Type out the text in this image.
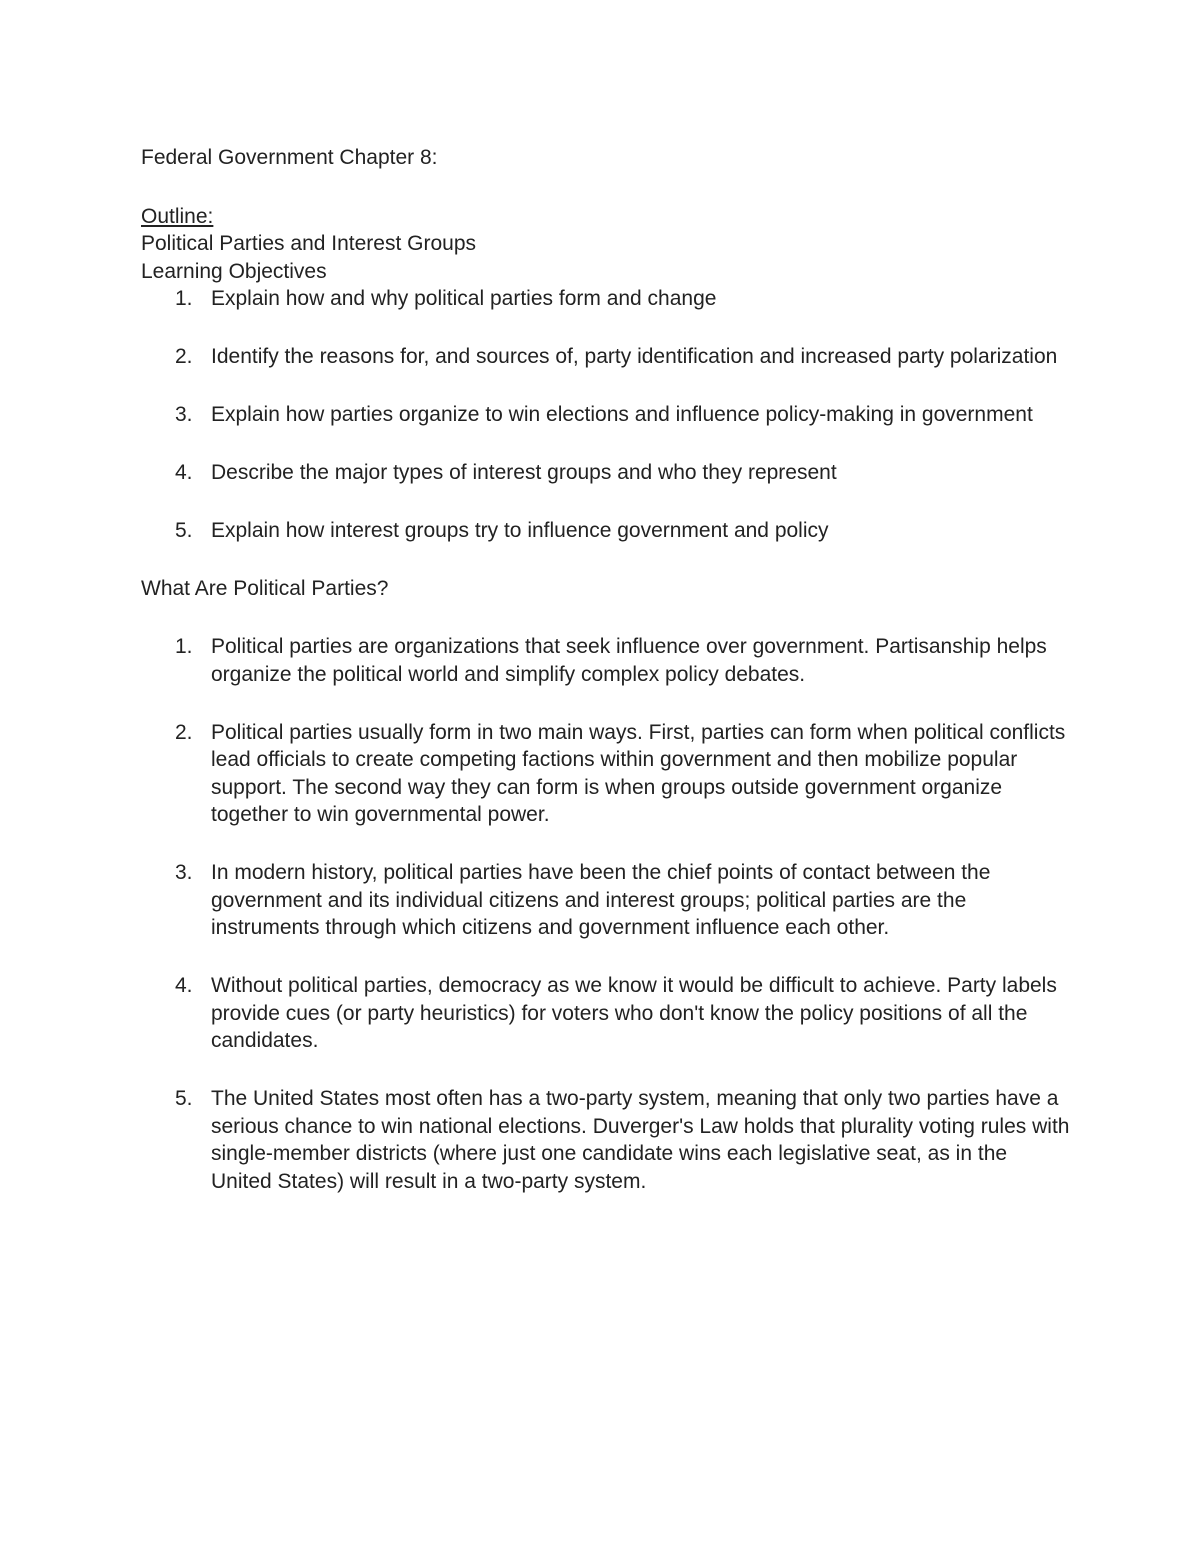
Federal Government Chapter 8:

Outline:

Political Parties and Interest Groups

Learning Objectives

1. Explain how and why political parties form and change
2. Identify the reasons for, and sources of, party identification and increased party polarization
3. Explain how parties organize to win elections and influence policy-making in government
4. Describe the major types of interest groups and who they represent
5. Explain how interest groups try to influence government and policy

What Are Political Parties?

1. Political parties are organizations that seek influence over government. Partisanship helps organize the political world and simplify complex policy debates.
2. Political parties usually form in two main ways. First, parties can form when political conflicts lead officials to create competing factions within government and then mobilize popular support. The second way they can form is when groups outside government organize together to win governmental power.
3. In modern history, political parties have been the chief points of contact between the government and its individual citizens and interest groups; political parties are the instruments through which citizens and government influence each other.
4. Without political parties, democracy as we know it would be difficult to achieve. Party labels provide cues (or party heuristics) for voters who don't know the policy positions of all the candidates.
5. The United States most often has a two-party system, meaning that only two parties have a serious chance to win national elections. Duverger's Law holds that plurality voting rules with single-member districts (where just one candidate wins each legislative seat, as in the United States) will result in a two-party system.
